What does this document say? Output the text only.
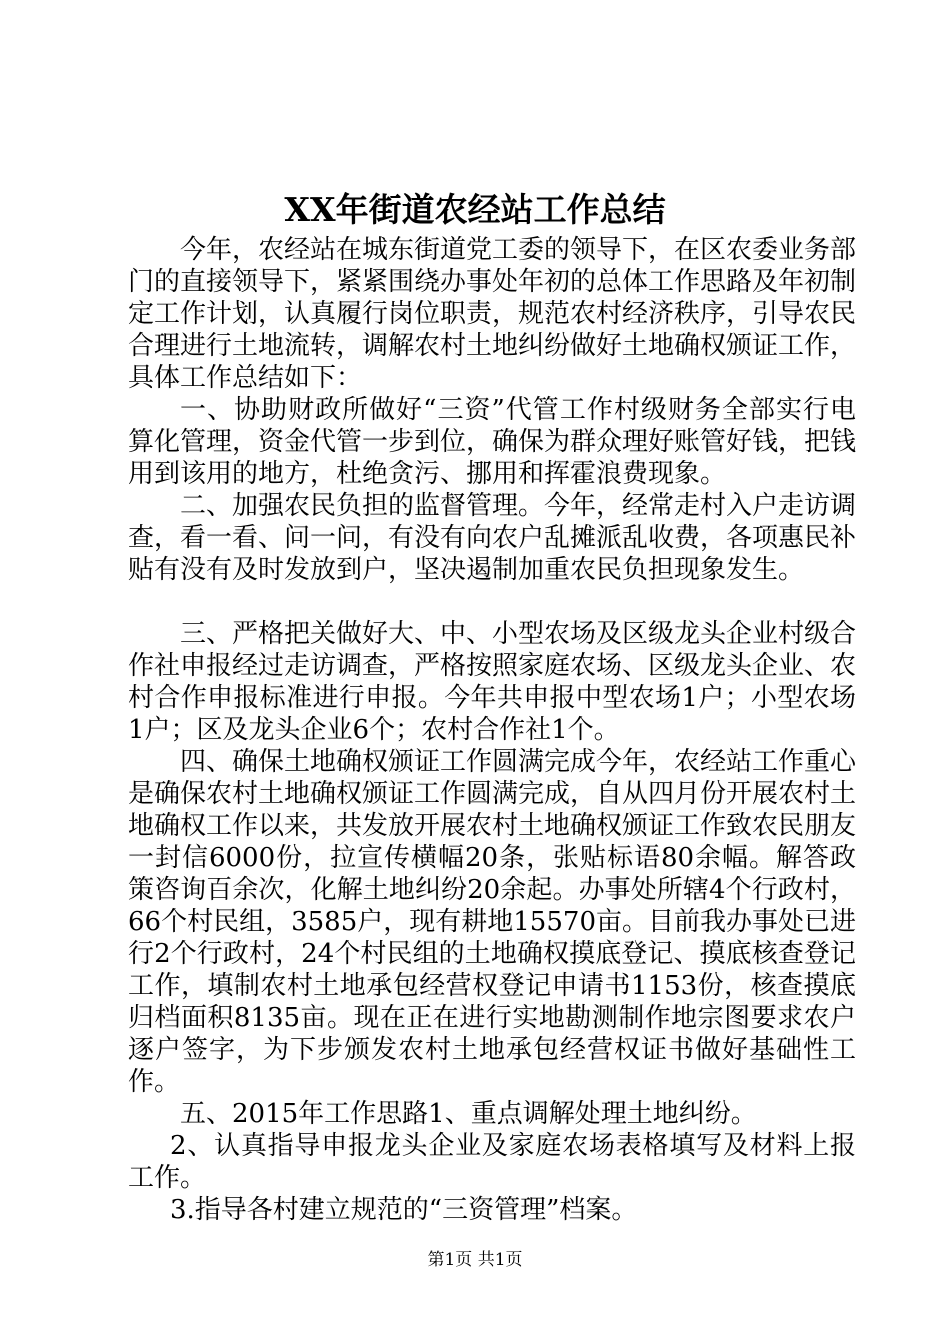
XX年街道农经站工作总结

今年，农经站在城东街道党工委的领导下，在区农委业务部门的直接领导下，紧紧围绕办事处年初的总体工作思路及年初制定工作计划，认真履行岗位职责，规范农村经济秩序，引导农民合理进行土地流转，调解农村土地纠纷做好土地确权颁证工作，具体工作总结如下：

一、协助财政所做好“三资”代管工作村级财务全部实行电算化管理，资金代管一步到位，确保为群众理好账管好钱，把钱用到该用的地方，杜绝贪污、挪用和挥霍浪费现象。

二、加强农民负担的监督管理。今年，经常走村入户走访调查，看一看、问一问，有没有向农户乱摊派乱收费，各项惠民补贴有没有及时发放到户，坚决遏制加重农民负担现象发生。

三、严格把关做好大、中、小型农场及区级龙头企业村级合作社申报经过走访调查，严格按照家庭农场、区级龙头企业、农村合作申报标准进行申报。今年共申报中型农场1户；小型农场1户；区及龙头企业6个；农村合作社1个。

四、确保土地确权颁证工作圆满完成今年，农经站工作重心是确保农村土地确权颁证工作圆满完成，自从四月份开展农村土地确权工作以来，共发放开展农村土地确权颁证工作致农民朋友一封信6000份，拉宣传横幅20条，张贴标语80余幅。解答政策咨询百余次，化解土地纠纷20余起。办事处所辖4个行政村，66个村民组，3585户，现有耕地15570亩。目前我办事处已进行2个行政村，24个村民组的土地确权摸底登记、摸底核查登记工作，填制农村土地承包经营权登记申请书1153份，核查摸底归档面积8135亩。现在正在进行实地勘测制作地宗图要求农户逐户签字，为下步颁发农村土地承包经营权证书做好基础性工作。

五、2015年工作思路1、重点调解处理土地纠纷。

2、认真指导申报龙头企业及家庭农场表格填写及材料上报工作。

3.指导各村建立规范的“三资管理”档案。

第1页 共1页
